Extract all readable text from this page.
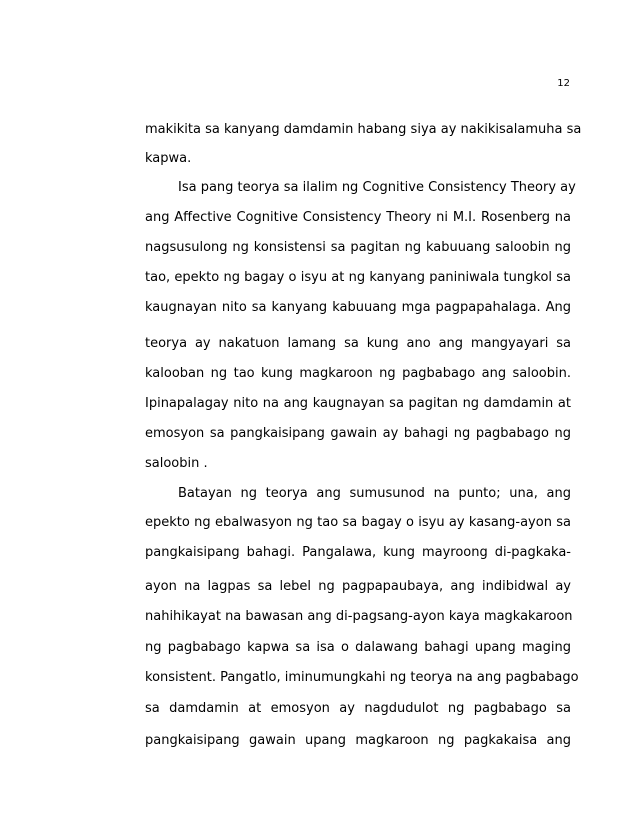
12
makikita sa kanyang damdamin habang siya ay nakikisalamuha sa
kapwa.
Isa pang teorya sa ilalim ng Cognitive Consistency Theory ay
ang Affective Cognitive Consistency Theory ni M.I. Rosenberg na
nagsusulong ng konsistensi sa pagitan ng kabuuang saloobin ng
tao, epekto ng bagay o isyu at ng kanyang paniniwala tungkol sa
kaugnayan nito sa kanyang kabuuang mga pagpapahalaga. Ang
teorya ay nakatuon lamang sa kung ano ang mangyayari sa
kalooban ng tao kung magkaroon ng pagbabago ang saloobin.
Ipinapalagay nito na ang kaugnayan sa pagitan ng damdamin at
emosyon sa pangkaisipang gawain ay bahagi ng pagbabago ng
saloobin .
Batayan ng teorya ang sumusunod na punto; una, ang
epekto ng ebalwasyon ng tao sa bagay o isyu ay kasang-ayon sa
pangkaisipang bahagi. Pangalawa, kung mayroong di-pagkaka-
ayon na lagpas sa lebel ng pagpapaubaya, ang indibidwal ay
nahihikayat na bawasan ang di-pagsang-ayon kaya magkakaroon
ng pagbabago kapwa sa isa o dalawang bahagi upang maging
konsistent. Pangatlo, iminumungkahi ng teorya na ang pagbabago
sa damdamin at emosyon ay nagdudulot ng pagbabago sa
pangkaisipang gawain upang magkaroon ng pagkakaisa ang
